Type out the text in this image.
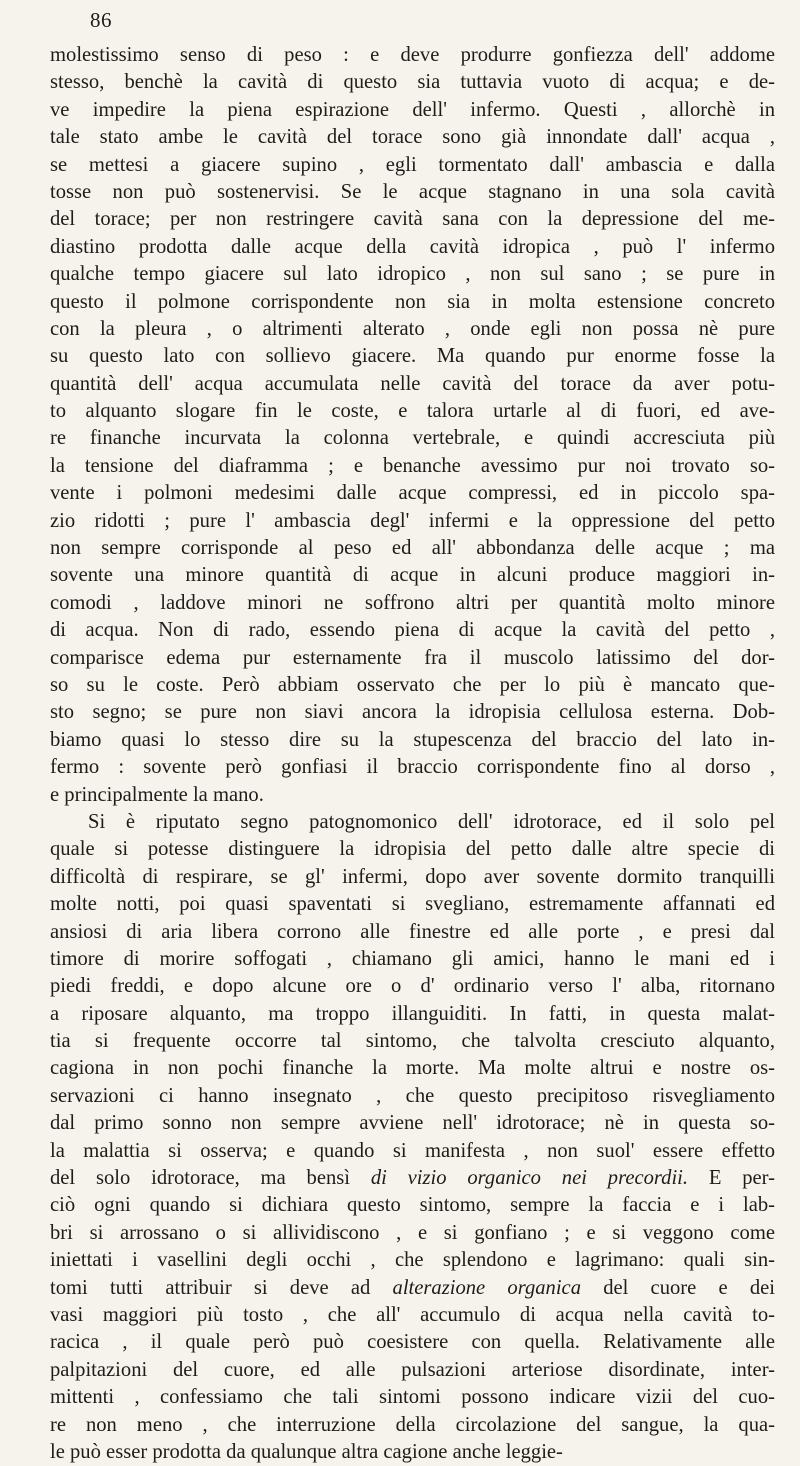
86
molestissimo senso di peso : e deve produrre gonfiezza dell' addome
stesso, benchè la cavità di questo sia tuttavia vuoto di acqua; e de-
ve impedire la piena espirazione dell' infermo. Questi , allorchè in
tale stato ambe le cavità del torace sono già innondate dall' acqua ,
se mettesi a giacere supino , egli tormentato dall' ambascia e dalla
tosse non può sostenervisi. Se le acque stagnano in una sola cavità
del torace; per non restringere cavità sana con la depressione del me-
diastino prodotta dalle acque della cavità idropica , può l' infermo
qualche tempo giacere sul lato idropico , non sul sano ; se pure in
questo il polmone corrispondente non sia in molta estensione concreto
con la pleura , o altrimenti alterato , onde egli non possa nè pure
su questo lato con sollievo giacere. Ma quando pur enorme fosse la
quantità dell' acqua accumulata nelle cavità del torace da aver potu-
to alquanto slogare fin le coste, e talora urtarle al di fuori, ed ave-
re finanche incurvata la colonna vertebrale, e quindi accresciuta più
la tensione del diaframma ; e benanche avessimo pur noi trovato so-
vente i polmoni medesimi dalle acque compressi, ed in piccolo spa-
zio ridotti ; pure l' ambascia degl' infermi e la oppressione del petto
non sempre corrisponde al peso ed all' abbondanza delle acque ; ma
sovente una minore quantità di acque in alcuni produce maggiori in-
comodi , laddove minori ne soffrono altri per quantità molto minore
di acqua. Non di rado, essendo piena di acque la cavità del petto ,
comparisce edema pur esternamente fra il muscolo latissimo del dor-
so su le coste. Però abbiam osservato che per lo più è mancato que-
sto segno; se pure non siavi ancora la idropisia cellulosa esterna. Dob-
biamo quasi lo stesso dire su la stupescenza del braccio del lato in-
fermo : sovente però gonfiasi il braccio corrispondente fino al dorso ,
e principalmente la mano.
Si è riputato segno patognomonico dell' idrotorace, ed il solo pel
quale si potesse distinguere la idropisia del petto dalle altre specie di
difficoltà di respirare, se gl' infermi, dopo aver sovente dormito tranquilli
molte notti, poi quasi spaventati si svegliano, estremamente affannati ed
ansiosi di aria libera corrono alle finestre ed alle porte , e presi dal
timore di morire soffogati , chiamano gli amici, hanno le mani ed i
piedi freddi, e dopo alcune ore o d' ordinario verso l' alba, ritornano
a riposare alquanto, ma troppo illanguiditi. In fatti, in questa malat-
tia si frequente occorre tal sintomo, che talvolta cresciuto alquanto,
cagiona in non pochi finanche la morte. Ma molte altrui e nostre os-
servazioni ci hanno insegnato , che questo precipitoso risvegliamento
dal primo sonno non sempre avviene nell' idrotorace; nè in questa so-
la malattia si osserva; e quando si manifesta , non suol' essere effetto
del solo idrotorace, ma bensì di vizio organico nei precordii. E per-
ciò ogni quando si dichiara questo sintomo, sempre la faccia e i lab-
bri si arrossano o si allividiscono , e si gonfiano ; e si veggono come
iniettati i vasellini degli occhi , che splendono e lagrimano: quali sin-
tomi tutti attribuir si deve ad alterazione organica del cuore e dei
vasi maggiori più tosto , che all' accumulo di acqua nella cavità to-
racica , il quale però può coesistere con quella. Relativamente alle
palpitazioni del cuore, ed alle pulsazioni arteriose disordinate, inter-
mittenti , confessiamo che tali sintomi possono indicare vizii del cuo-
re non meno , che interruzione della circolazione del sangue, la qua-
le può esser prodotta da qualunque altra cagione anche leggie-
